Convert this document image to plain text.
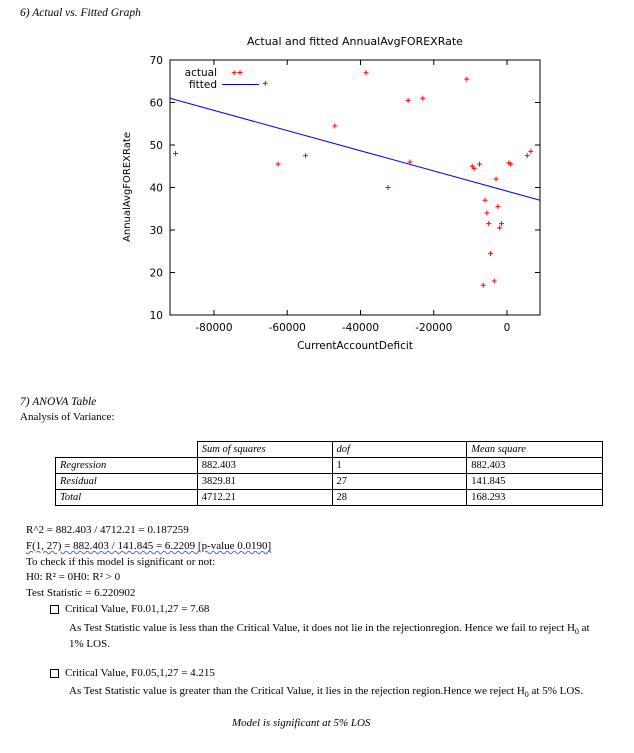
6) Actual vs. Fitted Graph
Actual and fitted AnnualAvgFOREXRate
10
20
30
40
50
60
70
-80000	-60000	-40000	-20000	0
AnnualAvgFOREXRate
CurrentAccountDeficit
actual
fitted
7) ANOVA Table
Analysis of Variance:
	Sum of squares	dof	Mean square
Regression	882.403	1	882.403
Residual	3829.81	27	141.845
Total	4712.21	28	168.293
R^2 = 882.403 / 4712.21 = 0.187259
F(1, 27) = 882.403 / 141.845 = 6.2209 [p-value 0.0190]
To check if this model is significant or not:
H0: R² = 0H0: R² > 0
Test Statistic = 6.220902
Critical Value, F0.01,1,27 = 7.68
As Test Statistic value is less than the Critical Value, it does not lie in the rejectionregion. Hence we fail to reject $H_0$ at
1% LOS.
Critical Value, F0.05,1,27 = 4.215
As Test Statistic value is greater than the Critical Value, it lies in the rejection region.Hence we reject $H_0$ at 5% LOS.
Model is significant at 5% LOS
